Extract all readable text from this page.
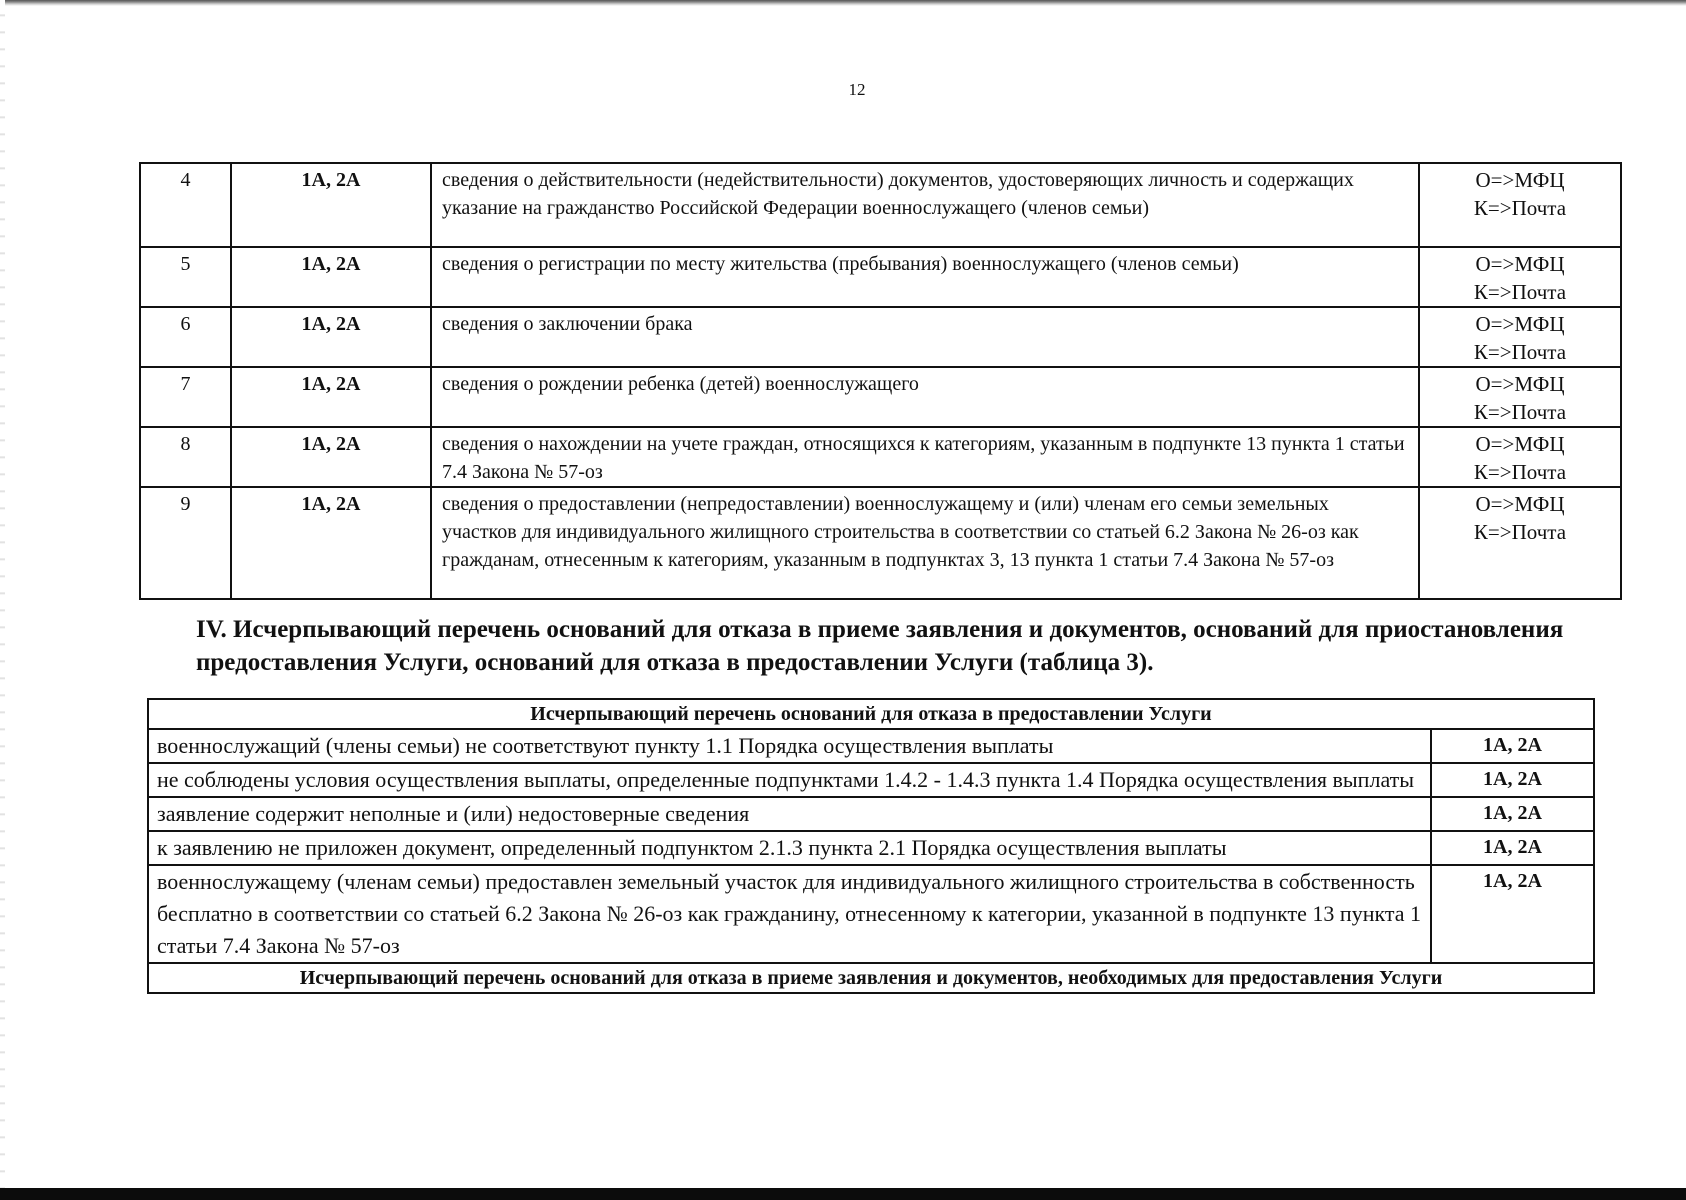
12
4	1А, 2А	сведения о действительности (недействительности) документов, удостоверяющих личность и содержащих указание на гражданство Российской Федерации военнослужащего (членов семьи)	О=>МФЦ
К=>Почта

5	1А, 2А	сведения о регистрации по месту жительства (пребывания) военнослужащего (членов семьи)	О=>МФЦ
К=>Почта

6	1А, 2А	сведения о заключении брака	О=>МФЦ
К=>Почта

7	1А, 2А	сведения о рождении ребенка (детей) военнослужащего	О=>МФЦ
К=>Почта

8	1А, 2А	сведения о нахождении на учете граждан, относящихся к категориям, указанным в подпункте 13 пункта 1 статьи 7.4 Закона № 57-оз	О=>МФЦ
К=>Почта

9	1А, 2А	сведения о предоставлении (непредоставлении) военнослужащему и (или) членам его семьи земельных участков для индивидуального жилищного строительства в соответствии со статьей 6.2 Закона № 26-оз как гражданам, отнесенным к категориям, указанным в подпунктах 3, 13 пункта 1 статьи 7.4 Закона № 57-оз	О=>МФЦ
К=>Почта
IV. Исчерпывающий перечень оснований для отказа в приеме заявления и документов, оснований для приостановления предоставления Услуги, оснований для отказа в предоставлении Услуги (таблица 3).
Исчерпывающий перечень оснований для отказа в предоставлении Услуги	
военнослужащий (члены семьи) не соответствуют пункту 1.1 Порядка осуществления выплаты	1А, 2А
не соблюдены условия осуществления выплаты, определенные подпунктами 1.4.2 - 1.4.3 пункта 1.4 Порядка осуществления выплаты	1А, 2А
заявление содержит неполные и (или) недостоверные сведения	1А, 2А
к заявлению не приложен документ, определенный подпунктом 2.1.3 пункта 2.1 Порядка осуществления выплаты	1А, 2А
военнослужащему (членам семьи) предоставлен земельный участок для индивидуального жилищного строительства в собственность бесплатно в соответствии со статьей 6.2 Закона № 26-оз как гражданину, отнесенному к категории, указанной в подпункте 13 пункта 1 статьи 7.4 Закона № 57-оз	1А, 2А
Исчерпывающий перечень оснований для отказа в приеме заявления и документов, необходимых для предоставления Услуги	
